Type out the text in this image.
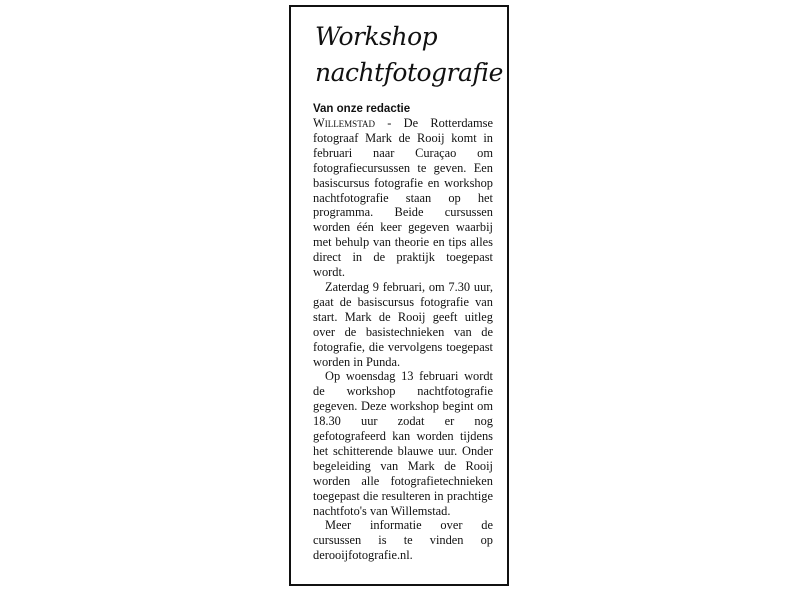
Workshop nachtfotografie
Van onze redactie

Willemstad - De Rotterdamse fotograaf Mark de Rooij komt in februari naar Curaçao om fotografiecursussen te geven. Een basiscursus fotografie en workshop nachtfotografie staan op het programma. Beide cursussen worden één keer gegeven waarbij met behulp van theorie en tips alles direct in de praktijk toegepast wordt.

Zaterdag 9 februari, om 7.30 uur, gaat de basiscursus fotografie van start. Mark de Rooij geeft uitleg over de basistechnieken van de fotografie, die vervolgens toegepast worden in Punda.

Op woensdag 13 februari wordt de workshop nachtfotografie gegeven. Deze workshop begint om 18.30 uur zodat er nog gefotografeerd kan worden tijdens het schitterende blauwe uur. Onder begeleiding van Mark de Rooij worden alle fotografietechnieken toegepast die resulteren in prachtige nachtfoto's van Willemstad.

Meer informatie over de cursussen is te vinden op derooijfotografie.nl.
